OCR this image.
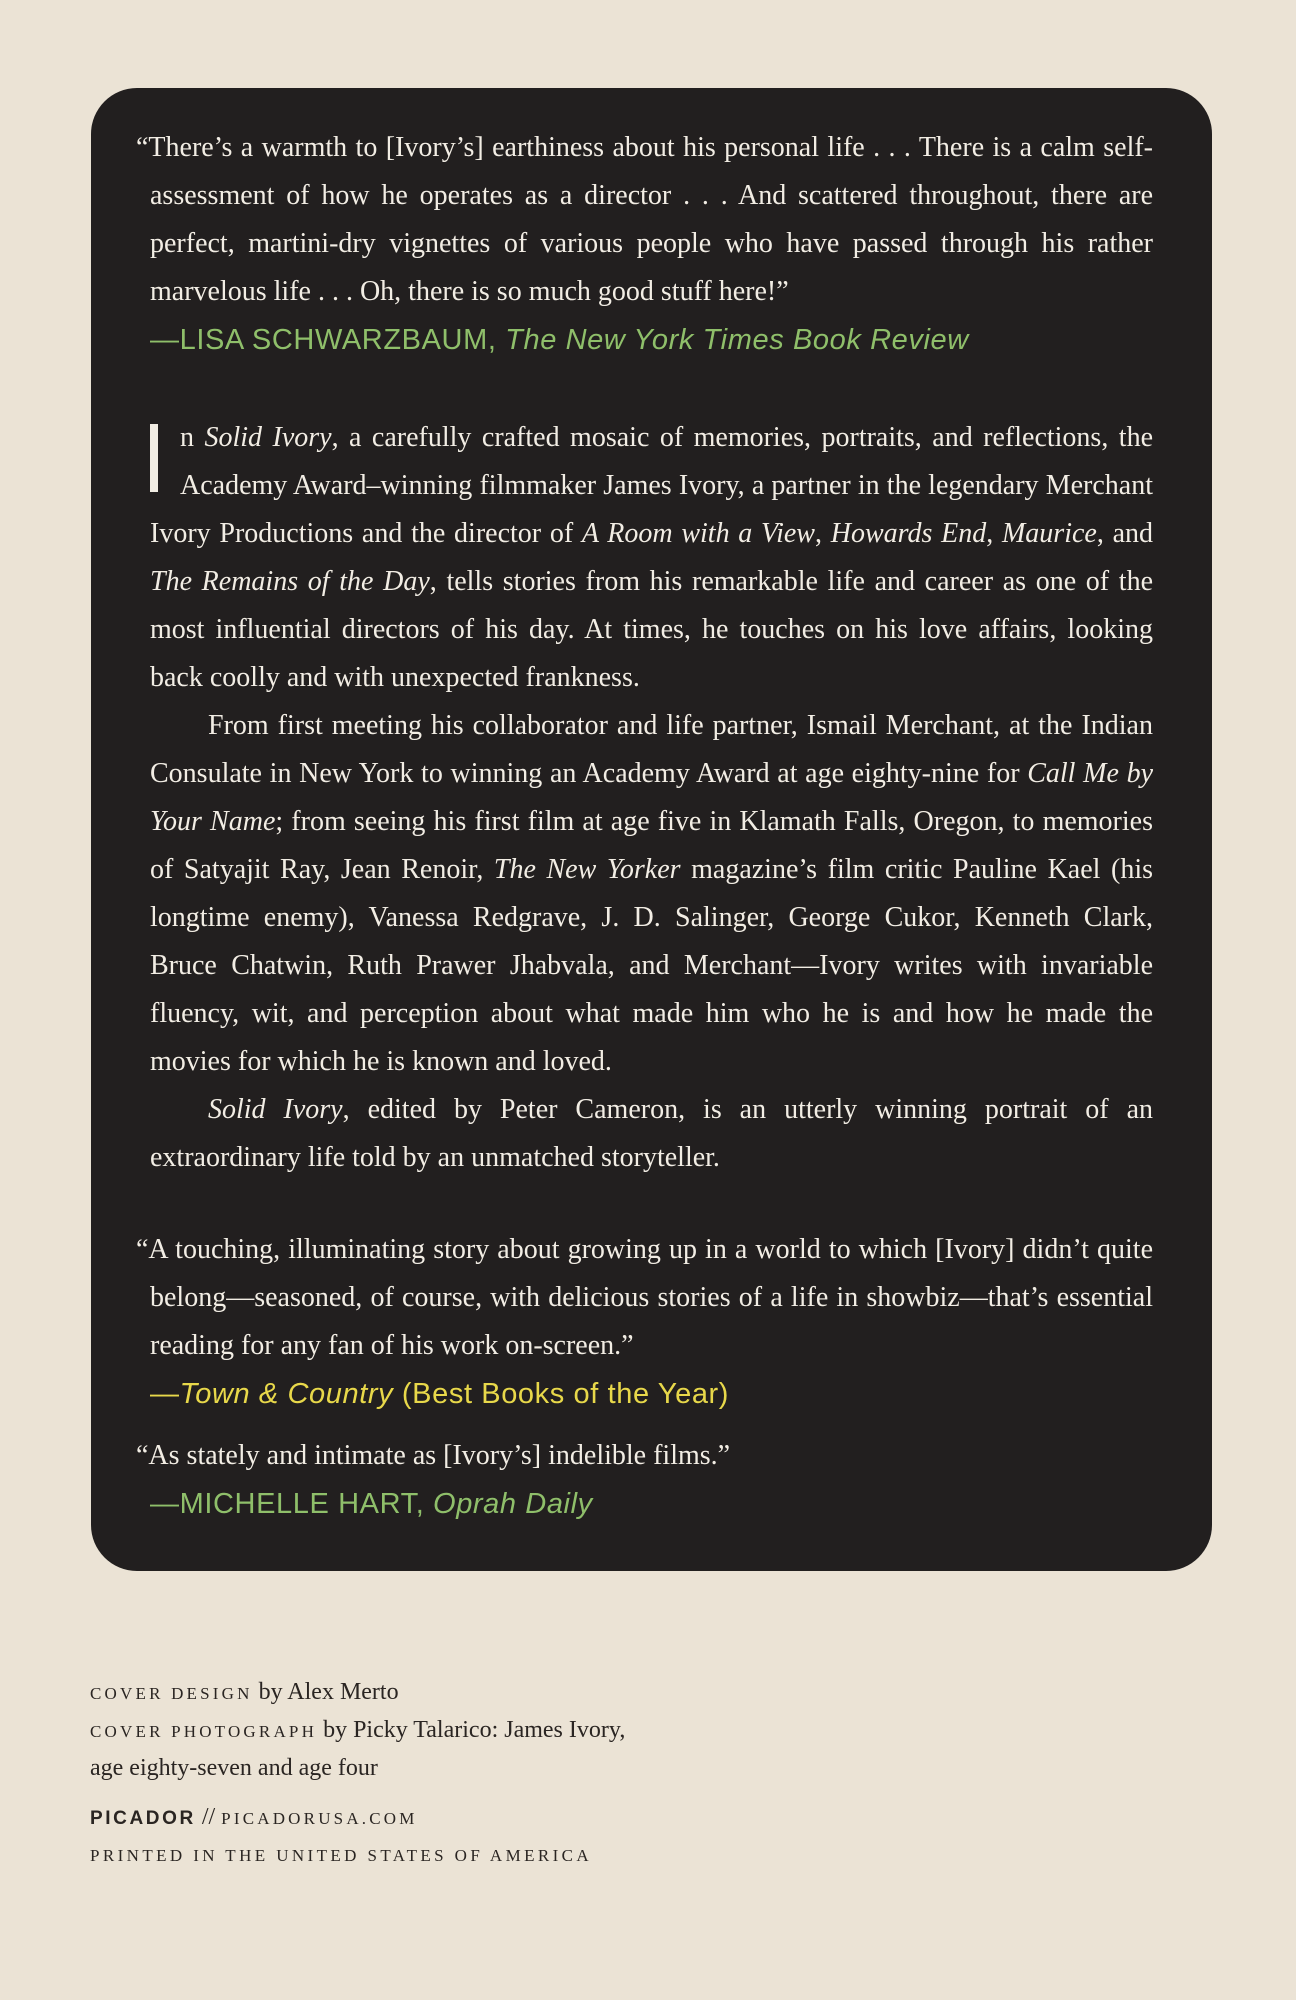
“There’s a warmth to [Ivory’s] earthiness about his personal life . . . There is a calm self-assessment of how he operates as a director . . . And scattered throughout, there are perfect, martini-dry vignettes of various people who have passed through his rather marvelous life . . . Oh, there is so much good stuff here!”

—LISA SCHWARZBAUM, The New York Times Book Review

n Solid Ivory, a carefully crafted mosaic of memories, portraits, and reflections, the Academy Award–winning filmmaker James Ivory, a partner in the legendary Merchant Ivory Productions and the director of A Room with a View, Howards End, Maurice, and The Remains of the Day, tells stories from his remarkable life and career as one of the most influential directors of his day. At times, he touches on his love affairs, looking back coolly and with unexpected frankness.

From first meeting his collaborator and life partner, Ismail Merchant, at the Indian Consulate in New York to winning an Academy Award at age eighty-nine for Call Me by Your Name; from seeing his first film at age five in Klamath Falls, Oregon, to memories of Satyajit Ray, Jean Renoir, The New Yorker magazine’s film critic Pauline Kael (his longtime enemy), Vanessa Redgrave, J. D. Salinger, George Cukor, Kenneth Clark, Bruce Chatwin, Ruth Prawer Jhabvala, and Merchant—Ivory writes with invariable fluency, wit, and perception about what made him who he is and how he made the movies for which he is known and loved.

Solid Ivory, edited by Peter Cameron, is an utterly winning portrait of an extraordinary life told by an unmatched storyteller.

“A touching, illuminating story about growing up in a world to which [Ivory] didn’t quite belong—seasoned, of course, with delicious stories of a life in showbiz—that’s essential reading for any fan of his work on-screen.”

—Town & Country (Best Books of the Year)

“As stately and intimate as [Ivory’s] indelible films.”

—MICHELLE HART, Oprah Daily

COVER DESIGN by Alex Merto

COVER PHOTOGRAPH by Picky Talarico: James Ivory,

age eighty-seven and age four

PICADOR // PICADORUSA.COM

PRINTED IN THE UNITED STATES OF AMERICA
